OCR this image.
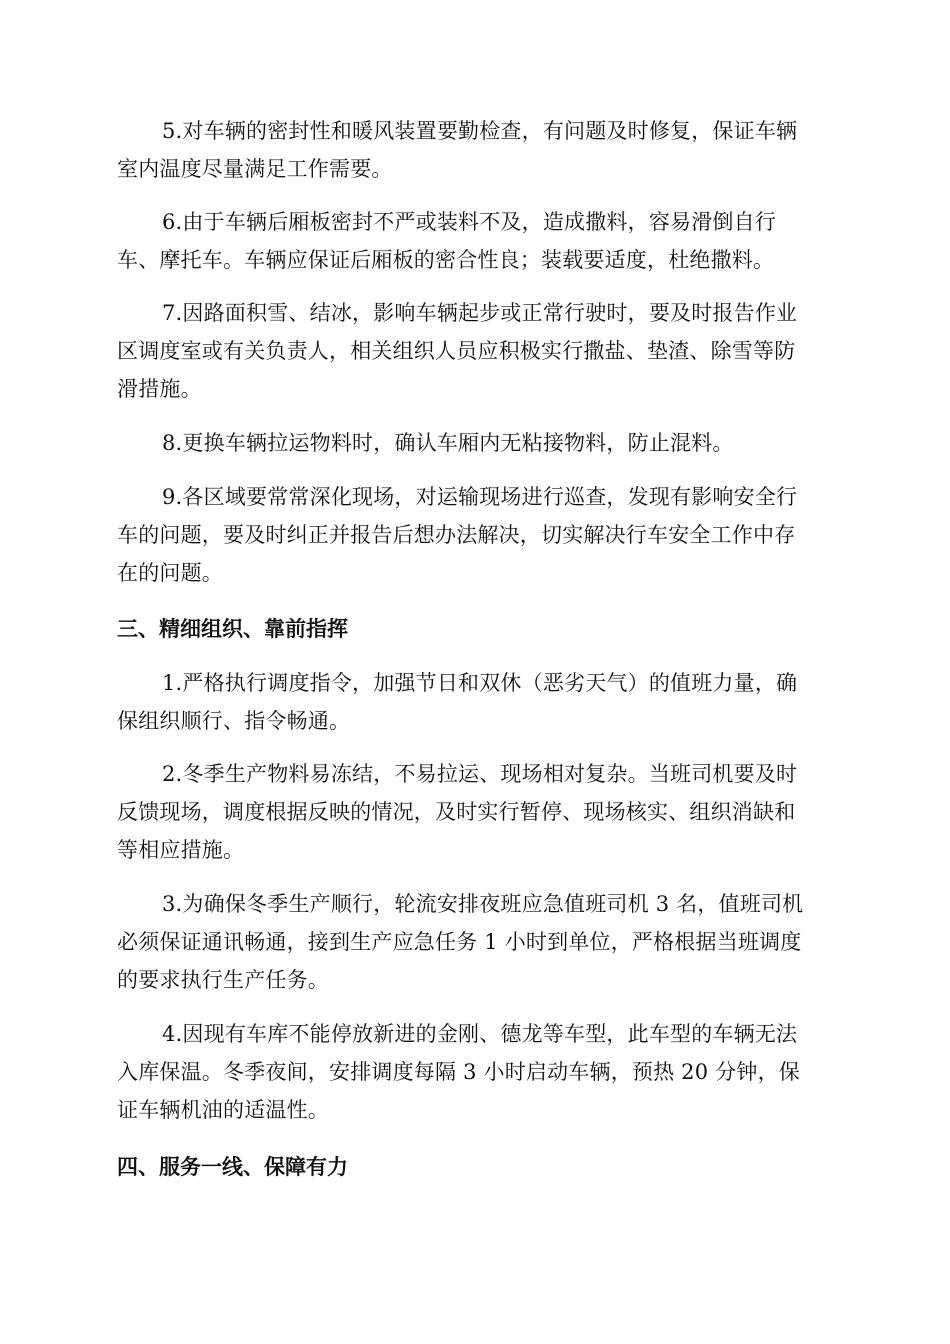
5.对车辆的密封性和暖风装置要勤检查，有问题及时修复，保证车辆
室内温度尽量满足工作需要。
6.由于车辆后厢板密封不严或装料不及，造成撒料，容易滑倒自行
车、摩托车。车辆应保证后厢板的密合性良；装载要适度，杜绝撒料。
7.因路面积雪、结冰，影响车辆起步或正常行驶时，要及时报告作业
区调度室或有关负责人，相关组织人员应积极实行撒盐、垫渣、除雪等防
滑措施。
8.更换车辆拉运物料时，确认车厢内无粘接物料，防止混料。
9.各区域要常常深化现场，对运输现场进行巡查，发现有影响安全行
车的问题，要及时纠正并报告后想办法解决，切实解决行车安全工作中存
在的问题。
三、精细组织、靠前指挥
1.严格执行调度指令，加强节日和双休（恶劣天气）的值班力量，确
保组织顺行、指令畅通。
2.冬季生产物料易冻结，不易拉运、现场相对复杂。当班司机要及时
反馈现场，调度根据反映的情况，及时实行暂停、现场核实、组织消缺和
等相应措施。
3.为确保冬季生产顺行，轮流安排夜班应急值班司机 3 名，值班司机
必须保证通讯畅通，接到生产应急任务 1 小时到单位，严格根据当班调度
的要求执行生产任务。
4.因现有车库不能停放新进的金刚、德龙等车型，此车型的车辆无法
入库保温。冬季夜间，安排调度每隔 3 小时启动车辆，预热 20 分钟，保
证车辆机油的适温性。
四、服务一线、保障有力
